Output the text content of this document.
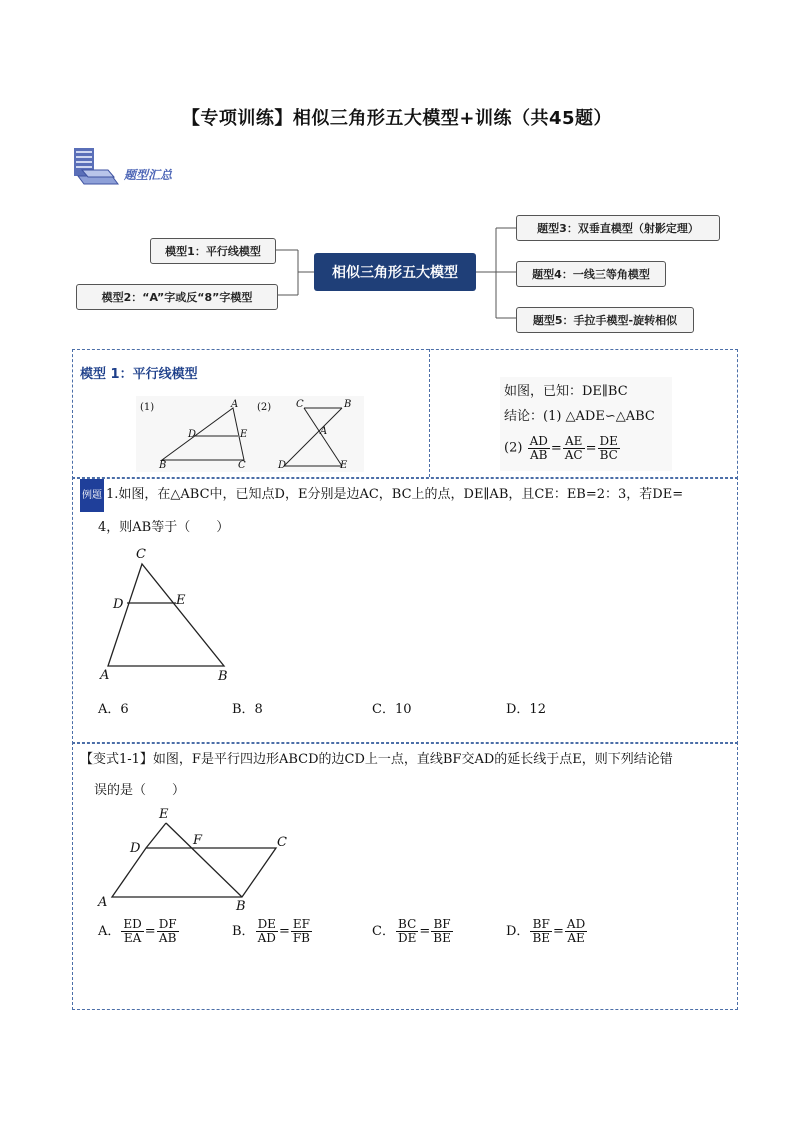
【专项训练】相似三角形五大模型+训练（共45题）
题型汇总
模型1：平行线模型
模型2：“A”字或反“8”字模型
相似三角形五大模型
题型3：双垂直模型（射影定理）
题型4：一线三等角模型
题型5：手拉手模型-旋转相似
模型 1：平行线模型
(1)	(2)
A
D	E
B	C
C	B
A
D	E
如图，已知：DE∥BC
结论：(1) △ADE∽△ABC
$(2) \frac{AD}{AB} = \frac{AE}{AC} = \frac{DE}{BC}$
例题 1.如图，在△ABC中，已知点D，E分别是边AC，BC上的点，DE∥AB，且CE：EB=2：3，若DE=
4，则AB等于（　　）
C
D	E
A	B
A．6	B．8	C．10	D．12
【变式1-1】如图，F是平行四边形ABCD的边CD上一点，直线BF交AD的延长线于点E，则下列结论错
误的是（　　）
E
D
F	C
A	B
A． $\frac{ED}{EA} = \frac{DF}{AB}$	B． $\frac{DE}{AD} = \frac{EF}{FB}$	C． $\frac{BC}{DE} = \frac{BF}{BE}$	D． $\frac{BF}{BE} = \frac{AD}{AE}$
